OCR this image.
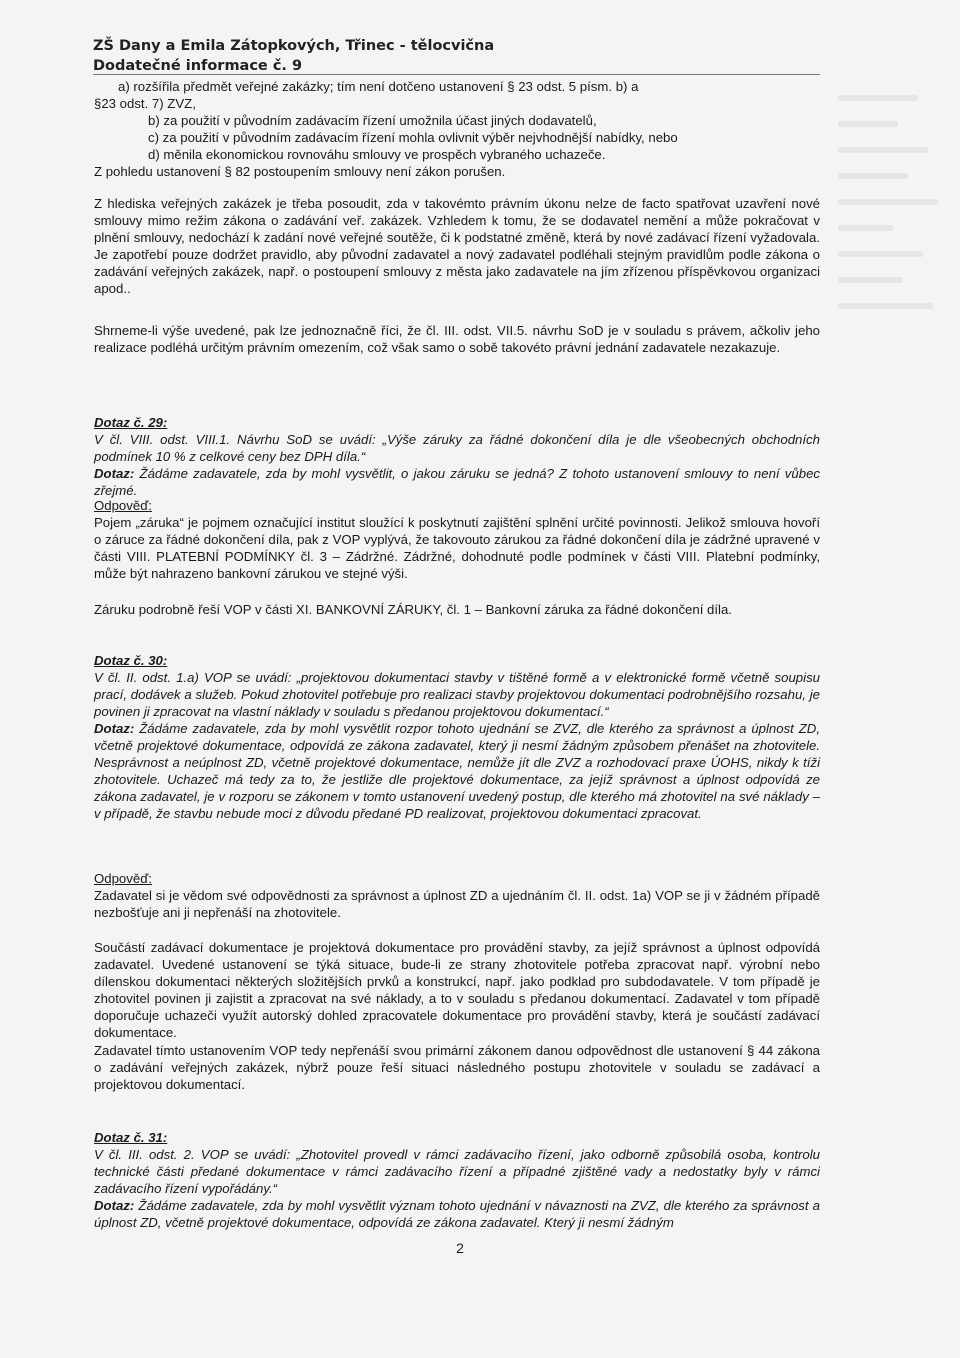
ZŠ Dany a Emila Zátopkových, Třinec - tělocvična
Dodatečné informace č. 9

a) rozšířila předmět veřejné zakázky; tím není dotčeno ustanovení § 23 odst. 5 písm. b) a

§23 odst. 7) ZVZ,

b) za použití v původním zadávacím řízení umožnila účast jiných dodavatelů,

c) za použití v původním zadávacím řízení mohla ovlivnit výběr nejvhodnější nabídky, nebo

d) měnila ekonomickou rovnováhu smlouvy ve prospěch vybraného uchazeče.

Z pohledu ustanovení § 82 postoupením smlouvy není zákon porušen.

Z hlediska veřejných zakázek je třeba posoudit, zda v takovémto právním úkonu nelze de facto spatřovat uzavření nové smlouvy mimo režim zákona o zadávání veř. zakázek. Vzhledem k tomu, že se dodavatel nemění a může pokračovat v plnění smlouvy, nedochází k zadání nové veřejné soutěže, či k podstatné změně, která by nové zadávací řízení vyžadovala. Je zapotřebí pouze dodržet pravidlo, aby původní zadavatel a nový zadavatel podléhali stejným pravidlům podle zákona o zadávání veřejných zakázek, např. o postoupení smlouvy z města jako zadavatele na jím zřízenou příspěvkovou organizaci apod..
Shrneme-li výše uvedené, pak lze jednoznačně říci, že čl. III. odst. VII.5. návrhu SoD je v souladu s právem, ačkoliv jeho realizace podléhá určitým právním omezením, což však samo o sobě takovéto právní jednání zadavatele nezakazuje.

Dotaz č. 29:

V čl. VIII. odst. VIII.1. Návrhu SoD se uvádí: „Výše záruky za řádné dokončení díla je dle všeobecných obchodních podmínek 10 % z celkové ceny bez DPH díla.“

Dotaz: Žádáme zadavatele, zda by mohl vysvětlit, o jakou záruku se jedná? Z tohoto ustanovení smlouvy to není vůbec zřejmé.

Odpověď:

Pojem „záruka“ je pojmem označující institut sloužící k poskytnutí zajištění splnění určité povinnosti. Jelikož smlouva hovoří o záruce za řádné dokončení díla, pak z VOP vyplývá, že takovouto zárukou za řádné dokončení díla je zádržné upravené v části VIII. PLATEBNÍ PODMÍNKY čl. 3 – Zádržné. Zádržné, dohodnuté podle podmínek v části VIII. Platební podmínky, může být nahrazeno bankovní zárukou ve stejné výši.

Záruku podrobně řeší VOP v části XI. BANKOVNÍ ZÁRUKY, čl. 1 – Bankovní záruka za řádné dokončení díla.

Dotaz č. 30:

V čl. II. odst. 1.a) VOP se uvádí: „projektovou dokumentaci stavby v tištěné formě a v elektronické formě včetně soupisu prací, dodávek a služeb. Pokud zhotovitel potřebuje pro realizaci stavby projektovou dokumentaci podrobnějšího rozsahu, je povinen ji zpracovat na vlastní náklady v souladu s předanou projektovou dokumentací.“

Dotaz: Žádáme zadavatele, zda by mohl vysvětlit rozpor tohoto ujednání se ZVZ, dle kterého za správnost a úplnost ZD, včetně projektové dokumentace, odpovídá ze zákona zadavatel, který ji nesmí žádným způsobem přenášet na zhotovitele. Nesprávnost a neúplnost ZD, včetně projektové dokumentace, nemůže jít dle ZVZ a rozhodovací praxe ÚOHS, nikdy k tíži zhotovitele. Uchazeč má tedy za to, že jestliže dle projektové dokumentace, za jejíž správnost a úplnost odpovídá ze zákona zadavatel, je v rozporu se zákonem v tomto ustanovení uvedený postup, dle kterého má zhotovitel na své náklady – v případě, že stavbu nebude moci z důvodu předané PD realizovat, projektovou dokumentaci zpracovat.

Odpověď:

Zadavatel si je vědom své odpovědnosti za správnost a úplnost ZD a ujednáním čl. II. odst. 1a) VOP se ji v žádném případě nezbošťuje ani ji nepřenáší na zhotovitele.

Součástí zadávací dokumentace je projektová dokumentace pro provádění stavby, za jejíž správnost a úplnost odpovídá zadavatel. Uvedené ustanovení se týká situace, bude-li ze strany zhotovitele potřeba zpracovat např. výrobní nebo dílenskou dokumentaci některých složitějších prvků a konstrukcí, např. jako podklad pro subdodavatele. V tom případě je zhotovitel povinen ji zajistit a zpracovat na své náklady, a to v souladu s předanou dokumentací. Zadavatel v tom případě doporučuje uchazeči využít autorský dohled zpracovatele dokumentace pro provádění stavby, která je součástí zadávací dokumentace.
Zadavatel tímto ustanovením VOP tedy nepřenáší svou primární zákonem danou odpovědnost dle ustanovení § 44 zákona o zadávání veřejných zakázek, nýbrž pouze řeší situaci následného postupu zhotovitele v souladu se zadávací a projektovou dokumentací.

Dotaz č. 31:

V čl. III. odst. 2. VOP se uvádí: „Zhotovitel provedl v rámci zadávacího řízení, jako odborně způsobilá osoba, kontrolu technické části předané dokumentace v rámci zadávacího řízení a případné zjištěné vady a nedostatky byly v rámci zadávacího řízení vypořádány.“

Dotaz: Žádáme zadavatele, zda by mohl vysvětlit význam tohoto ujednání v návaznosti na ZVZ, dle kterého za správnost a úplnost ZD, včetně projektové dokumentace, odpovídá ze zákona zadavatel. Který ji nesmí žádným

2
